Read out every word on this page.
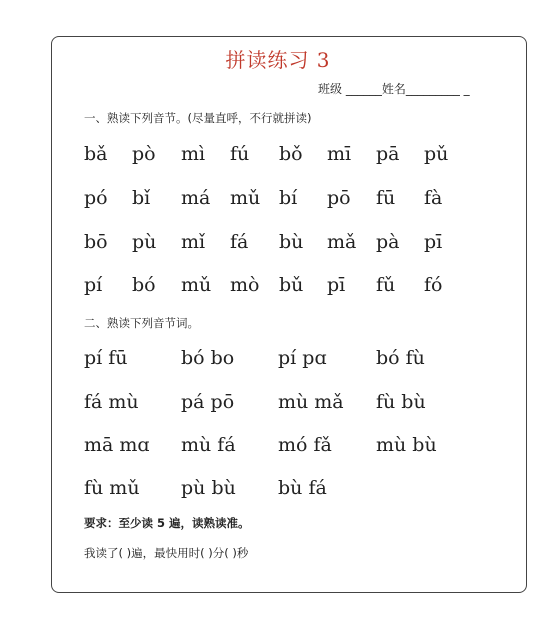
拼读练习 3
班级 ______姓名_________ _
一、熟读下列音节。(尽量直呼，不行就拼读)
bǎ pò mì fú bǒ mī pā pǔ
pó bǐ má mǔ bí pō fū fà
bō pù mǐ fá bù mǎ pà pī
pí bó mǔ mò bǔ pī fǔ fó
二、熟读下列音节词。
pí fū	bó bo pí pɑ	bó fù
fá mù pá pō mù mǎ fù bù
mā mɑ mù fá mó fǎ mù bù
fù mǔ pù bù bù fá
要求：至少读 5 遍，读熟读准。
我读了( )遍，最快用时( )分( )秒
